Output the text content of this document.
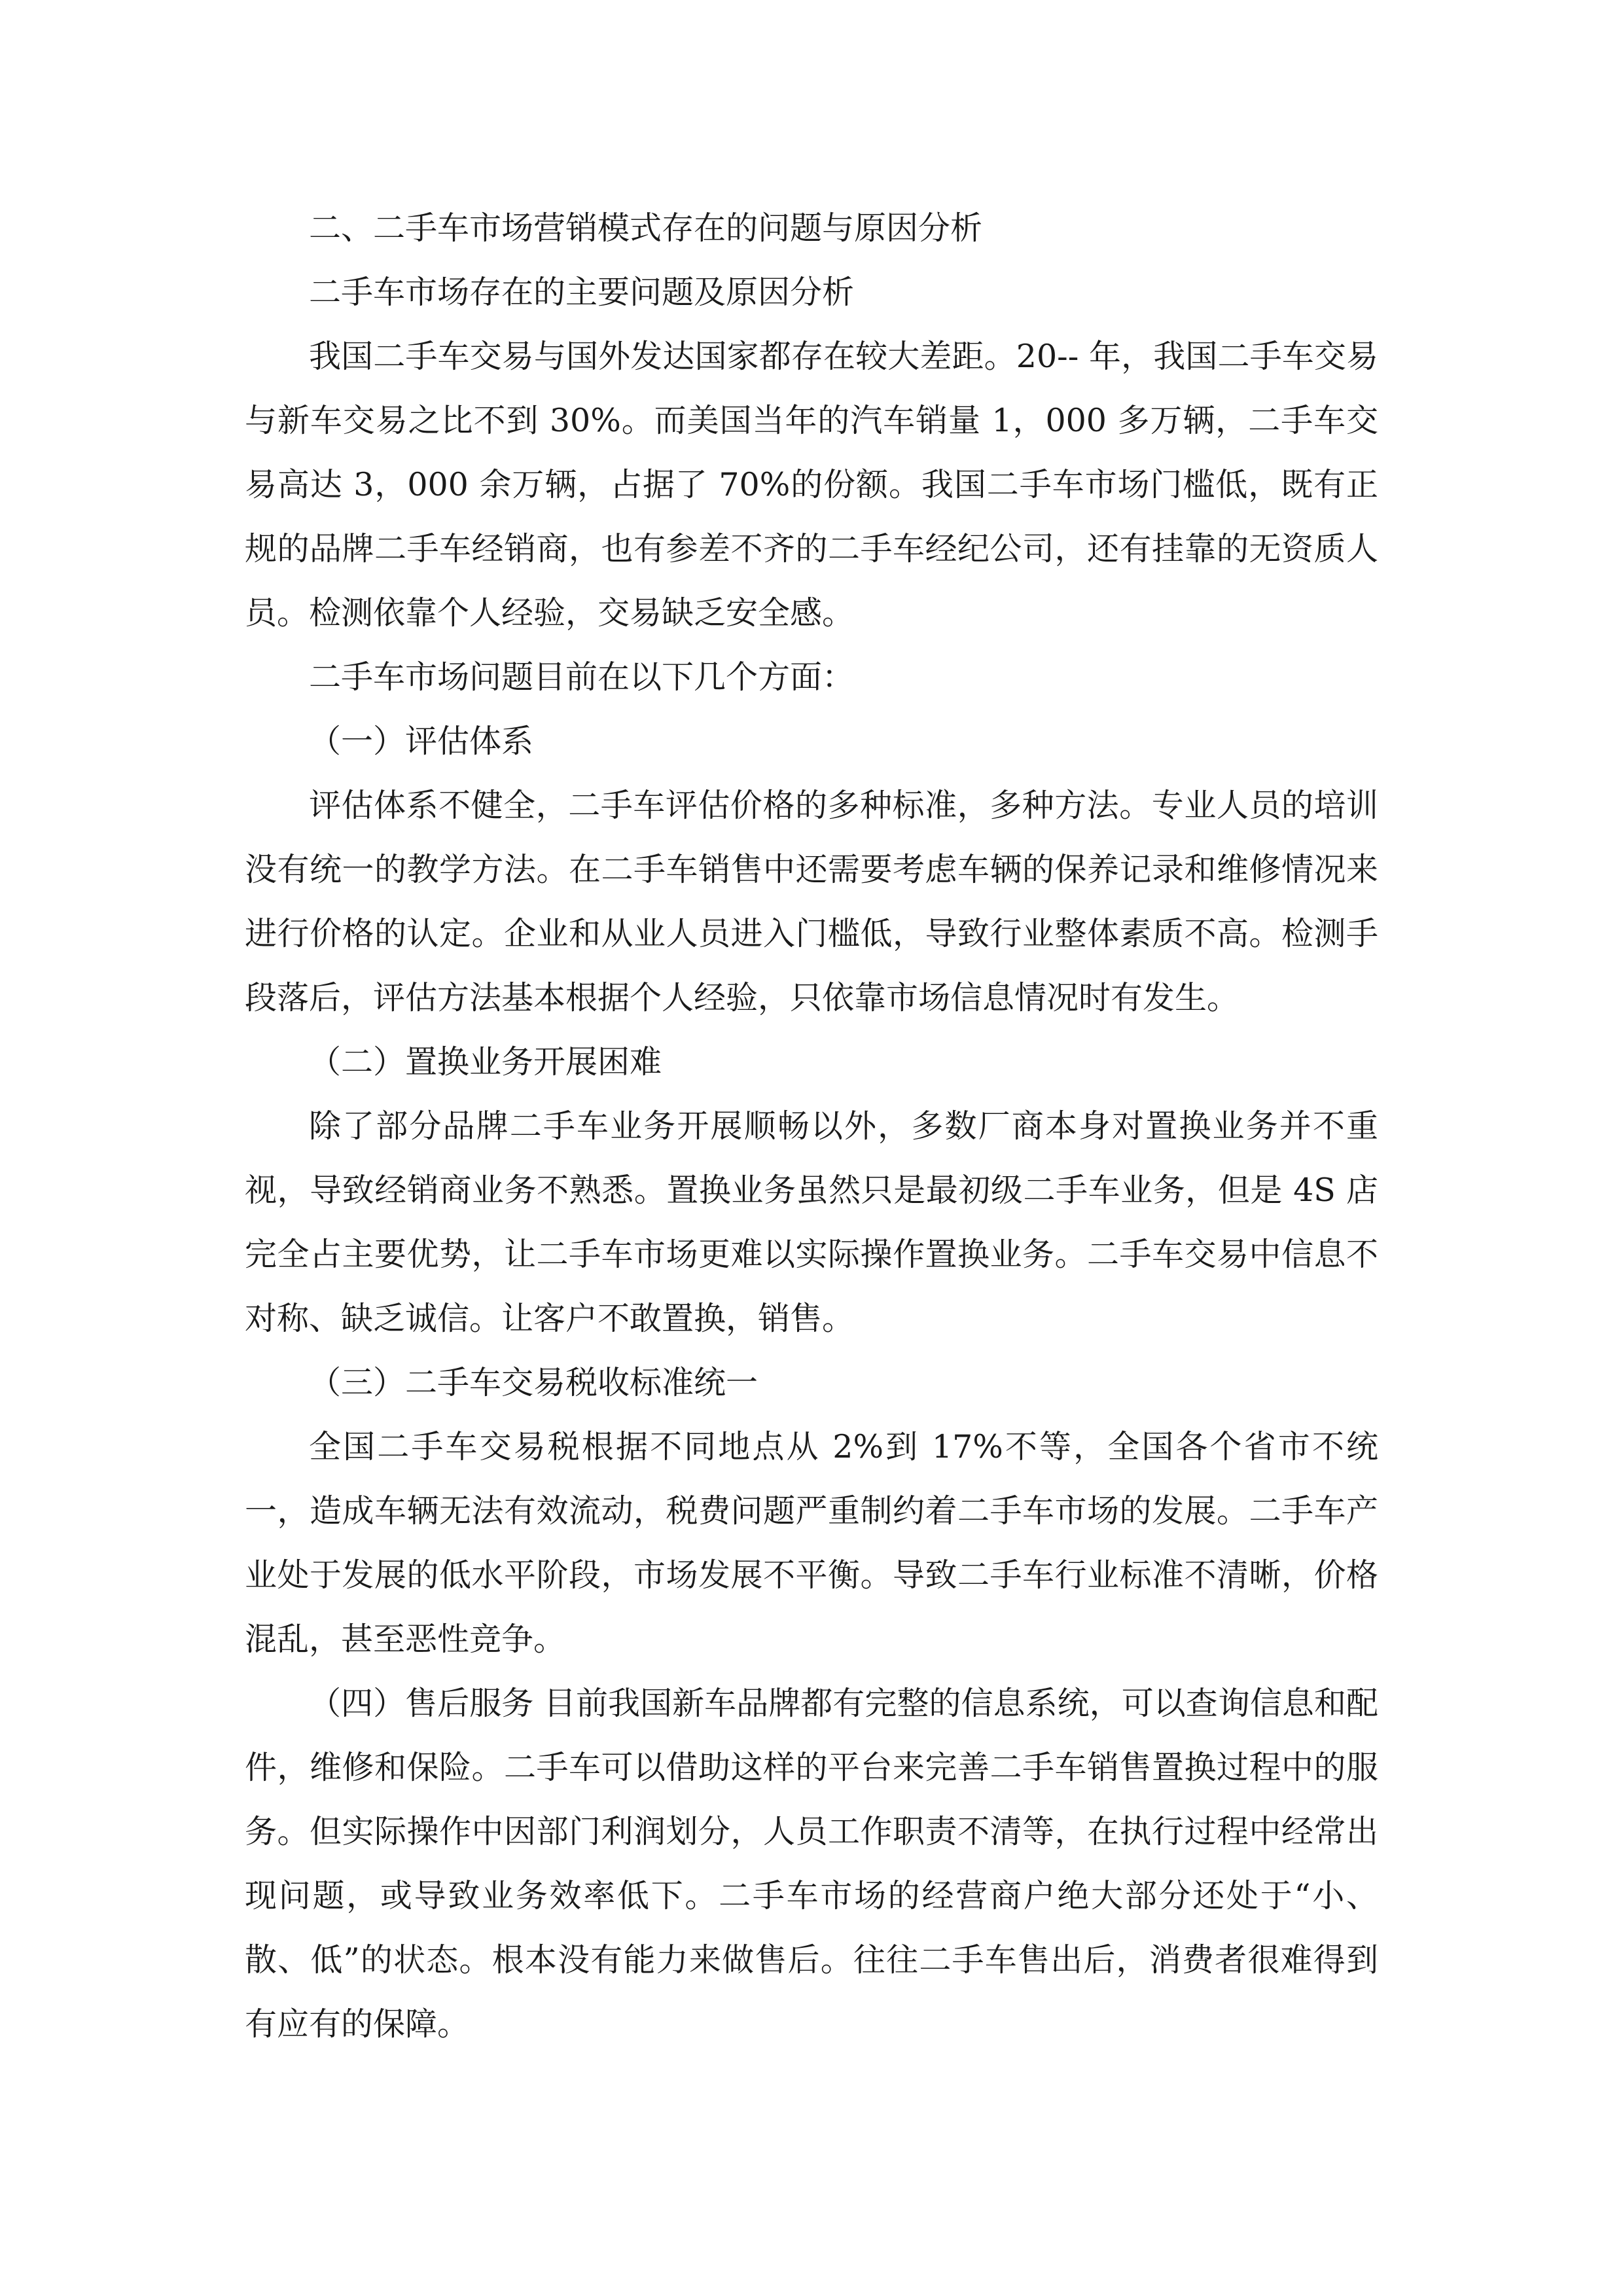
二、二手车市场营销模式存在的问题与原因分析

二手车市场存在的主要问题及原因分析

我国二手车交易与国外发达国家都存在较大差距。20-- 年，我国二手车交易与新车交易之比不到 30%。而美国当年的汽车销量 1，000 多万辆，二手车交易高达 3，000 余万辆，占据了 70%的份额。我国二手车市场门槛低，既有正规的品牌二手车经销商，也有参差不齐的二手车经纪公司，还有挂靠的无资质人员。检测依靠个人经验，交易缺乏安全感。

二手车市场问题目前在以下几个方面：

（一）评估体系

评估体系不健全，二手车评估价格的多种标准，多种方法。专业人员的培训没有统一的教学方法。在二手车销售中还需要考虑车辆的保养记录和维修情况来进行价格的认定。企业和从业人员进入门槛低，导致行业整体素质不高。检测手段落后，评估方法基本根据个人经验，只依靠市场信息情况时有发生。

（二）置换业务开展困难

除了部分品牌二手车业务开展顺畅以外，多数厂商本身对置换业务并不重视，导致经销商业务不熟悉。置换业务虽然只是最初级二手车业务，但是 4S 店完全占主要优势，让二手车市场更难以实际操作置换业务。二手车交易中信息不对称、缺乏诚信。让客户不敢置换，销售。

（三）二手车交易税收标准统一

全国二手车交易税根据不同地点从 2%到 17%不等，全国各个省市不统一，造成车辆无法有效流动，税费问题严重制约着二手车市场的发展。二手车产业处于发展的低水平阶段，市场发展不平衡。导致二手车行业标准不清晰，价格混乱，甚至恶性竞争。

（四）售后服务 目前我国新车品牌都有完整的信息系统，可以查询信息和配件，维修和保险。二手车可以借助这样的平台来完善二手车销售置换过程中的服务。但实际操作中因部门利润划分，人员工作职责不清等，在执行过程中经常出现问题，或导致业务效率低下。二手车市场的经营商户绝大部分还处于“小、散、低”的状态。根本没有能力来做售后。往往二手车售出后，消费者很难得到有应有的保障。
